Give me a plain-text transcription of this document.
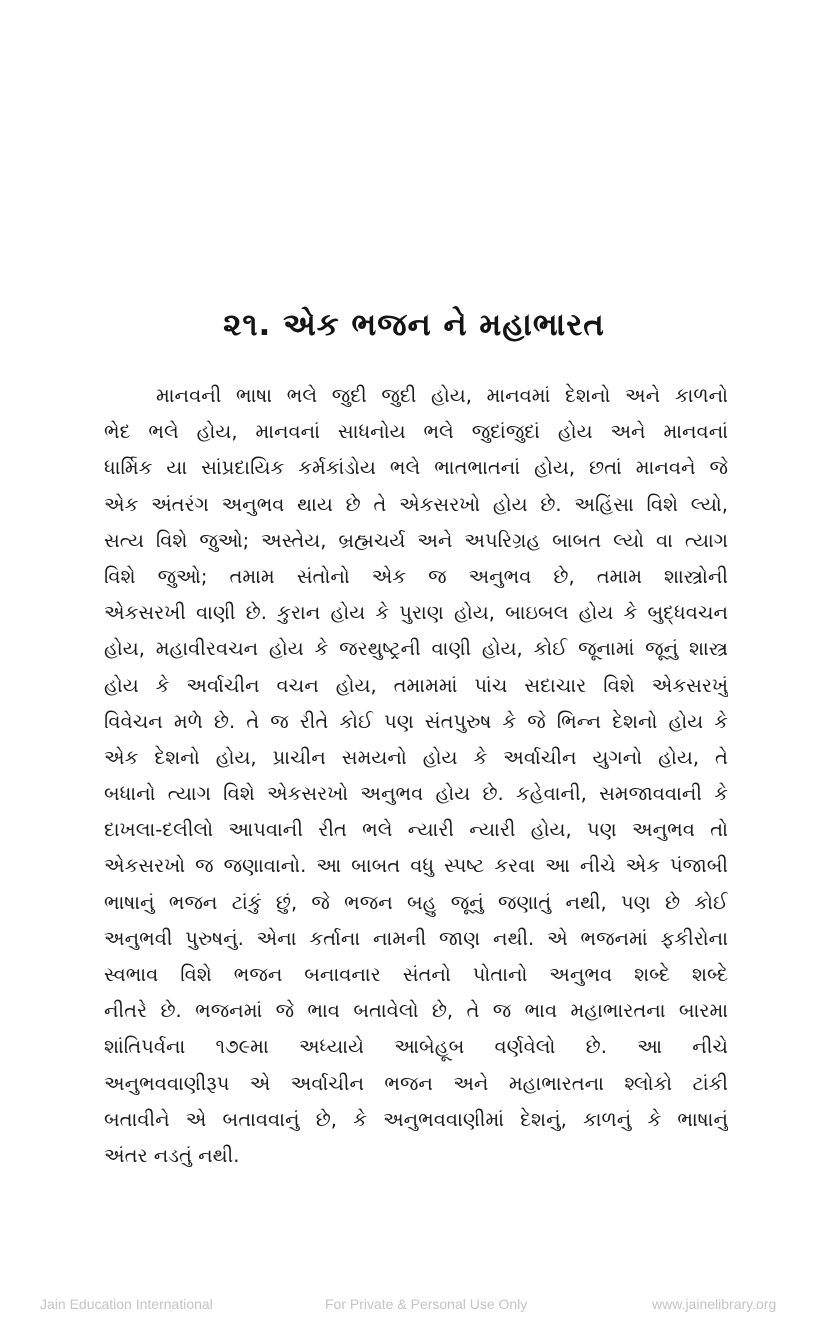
૨૧. એક ભજન ને મહાભારત
માનવની ભાષા ભલે જુદી જુદી હોય, માનવમાં દેશનો અને કાળનો
ભેદ ભલે હોય, માનવનાં સાધનોય ભલે જુદાંજુદાં હોય અને માનવનાં
ધાર્મિક યા સાંપ્રદાયિક કર્મકાંડોય ભલે ભાતભાતનાં હોય, છતાં માનવને જે
એક અંતરંગ અનુભવ થાય છે તે એકસરખો હોય છે. અહિંસા વિશે લ્યો,
સત્ય વિશે જુઓ; અસ્તેય, બ્રહ્મચર્ય અને અપરિગ્રહ બાબત લ્યો વા ત્યાગ
વિશે જુઓ; તમામ સંતોનો એક જ અનુભવ છે, તમામ શાસ્ત્રોની
એકસરખી વાણી છે. કુરાન હોય કે પુરાણ હોય, બાઇબલ હોય કે બુદ્ધવચન
હોય, મહાવીરવચન હોય કે જરથુષ્ટ્રની વાણી હોય, કોઈ જૂનામાં જૂનું શાસ્ત્ર
હોય કે અર્વાચીન વચન હોય, તમામમાં પાંચ સદાચાર વિશે એકસરખું
વિવેચન મળે છે. તે જ રીતે કોઈ પણ સંતપુરુષ કે જે ભિન્ન દેશનો હોય કે
એક દેશનો હોય, પ્રાચીન સમયનો હોય કે અર્વાચીન યુગનો હોય, તે
બધાનો ત્યાગ વિશે એકસરખો અનુભવ હોય છે. કહેવાની, સમજાવવાની કે
દાખલા-દલીલો આપવાની રીત ભલે ન્યારી ન્યારી હોય, પણ અનુભવ તો
એકસરખો જ જણાવાનો. આ બાબત વધુ સ્પષ્ટ કરવા આ નીચે એક પંજાબી
ભાષાનું ભજન ટાંકું છું, જે ભજન બહુ જૂનું જણાતું નથી, પણ છે કોઈ
અનુભવી પુરુષનું. એના કર્તાના નામની જાણ નથી. એ ભજનમાં ફકીરોના
સ્વભાવ વિશે ભજન બનાવનાર સંતનો પોતાનો અનુભવ શબ્દે શબ્દે
નીતરે છે. ભજનમાં જે ભાવ બતાવેલો છે, તે જ ભાવ મહાભારતના બારમા
શાંતિપર્વના ૧૭૯મા અધ્યાયે આબેહૂબ વર્ણવેલો છે. આ નીચે
અનુભવવાણીરૂપ એ અર્વાચીન ભજન અને મહાભારતના શ્લોકો ટાંકી
બતાવીને એ બતાવવાનું છે, કે અનુભવવાણીમાં દેશનું, કાળનું કે ભાષાનું
અંતર નડતું નથી.
Jain Education International	For Private & Personal Use Only	www.jainelibrary.org
